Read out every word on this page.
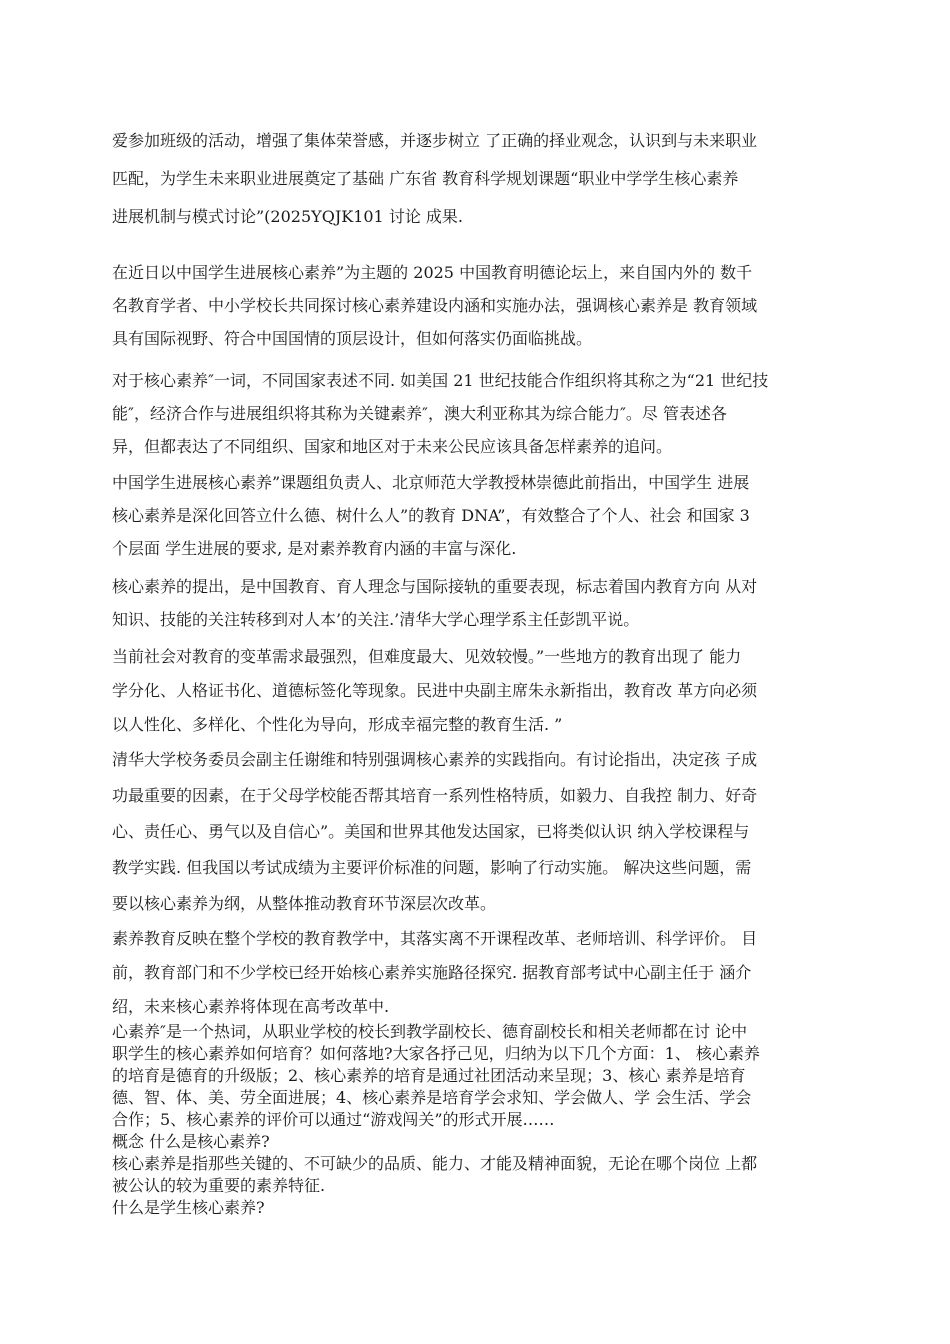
爱参加班级的活动，增强了集体荣誉感，并逐步树立 了正确的择业观念，认识到与未来职业
匹配，为学生未来职业进展奠定了基础 广东省 教育科学规划课题“职业中学学生核心素养
进展机制与模式讨论”(2025YQJK101 讨论 成果.
在近日以中国学生进展核心素养”为主题的 2025 中国教育明德论坛上，来自国内外的 数千
名教育学者、中小学校长共同探讨核心素养建设内涵和实施办法，强调核心素养是 教育领域
具有国际视野、符合中国国情的顶层设计，但如何落实仍面临挑战。
对于核心素养″一词，不同国家表述不同. 如美国 21 世纪技能合作组织将其称之为“21 世纪技
能″，经济合作与进展组织将其称为关键素养″，澳大利亚称其为综合能力″。尽 管表述各
异，但都表达了不同组织、国家和地区对于未来公民应该具备怎样素养的追问。
中国学生进展核心素养”课题组负责人、北京师范大学教授林崇德此前指出，中国学生 进展
核心素养是深化回答立什么德、树什么人”的教育 DNA”，有效整合了个人、社会 和国家 3
个层面 学生进展的要求, 是对素养教育内涵的丰富与深化.
核心素养的提出，是中国教育、育人理念与国际接轨的重要表现，标志着国内教育方向 从对
知识、技能的关注转移到对人本’的关注.’清华大学心理学系主任彭凯平说。
当前社会对教育的变革需求最强烈，但难度最大、见效较慢。”一些地方的教育出现了 能力
学分化、人格证书化、道德标签化等现象。民进中央副主席朱永新指出，教育改 革方向必须
以人性化、多样化、个性化为导向，形成幸福完整的教育生活. ”
清华大学校务委员会副主任谢维和特别强调核心素养的实践指向。有讨论指出，决定孩 子成
功最重要的因素，在于父母学校能否帮其培育一系列性格特质，如毅力、自我控 制力、好奇
心、责任心、勇气以及自信心”。美国和世界其他发达国家，已将类似认识 纳入学校课程与
教学实践. 但我国以考试成绩为主要评价标准的问题，影响了行动实施。 解决这些问题，需
要以核心素养为纲，从整体推动教育环节深层次改革。
素养教育反映在整个学校的教育教学中，其落实离不开课程改革、老师培训、科学评价。 目
前，教育部门和不少学校已经开始核心素养实施路径探究. 据教育部考试中心副主任于 涵介
绍，未来核心素养将体现在高考改革中.
心素养″是一个热词，从职业学校的校长到教学副校长、德育副校长和相关老师都在讨 论中
职学生的核心素养如何培育？如何落地?大家各抒己见，归纳为以下几个方面：1、 核心素养
的培育是德育的升级版；2、核心素养的培育是通过社团活动来呈现；3、核心 素养是培育
德、智、体、美、劳全面进展；4、核心素养是培育学会求知、学会做人、学 会生活、学会
合作；5、核心素养的评价可以通过“游戏闯关”的形式开展……
概念 什么是核心素养?
核心素养是指那些关键的、不可缺少的品质、能力、才能及精神面貌，无论在哪个岗位 上都
被公认的较为重要的素养特征.
什么是学生核心素养?
